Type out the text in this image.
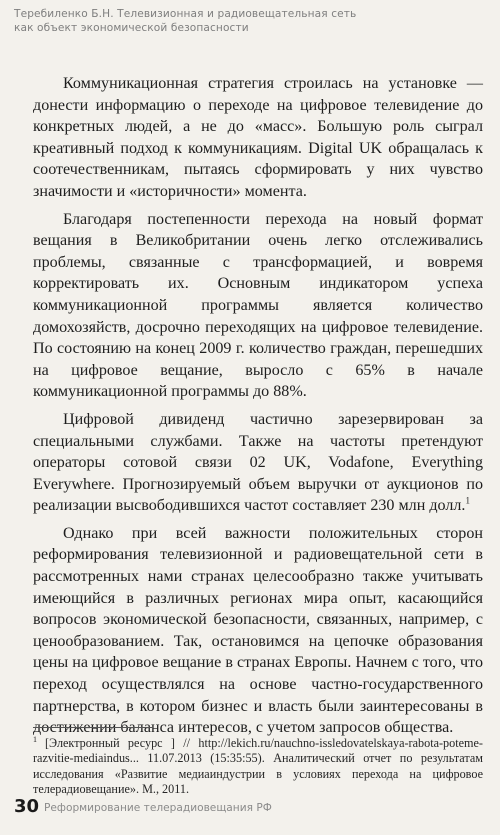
Теребиленко Б.Н. Телевизионная и радиовещательная сеть
как объект экономической безопасности

Коммуникационная стратегия строилась на установке — донести информацию о переходе на цифровое телевидение до конкретных людей, а не до «масс». Большую роль сыграл креативный подход к коммуникациям. Digital UK обращалась к соотечественникам, пытаясь сформировать у них чувство значимости и «историчности» момента.

Благодаря постепенности перехода на новый формат вещания в Великобритании очень легко отслеживались проблемы, связанные с трансформацией, и вовремя корректировать их. Основным индикатором успеха коммуникационной программы является количество домохозяйств, досрочно переходящих на цифровое телевидение. По состоянию на конец 2009 г. количество граждан, перешедших на цифровое вещание, выросло с 65% в начале коммуникационной программы до 88%.

Цифровой дивиденд частично зарезервирован за специальными службами. Также на частоты претендуют операторы сотовой связи 02 UK, Vodafone, Everything Everywhere. Прогнозируемый объем выручки от аукционов по реализации высвободившихся частот составляет 230 млн долл.$^1$

Однако при всей важности положительных сторон реформирования телевизионной и радиовещательной сети в рассмотренных нами странах целесообразно также учитывать имеющийся в различных регионах мира опыт, касающийся вопросов экономической безопасности, связанных, например, с ценообразованием. Так, остановимся на цепочке образования цены на цифровое вещание в странах Европы. Начнем с того, что переход осуществлялся на основе частно-государственного партнерства, в котором бизнес и власть были заинтересованы в достижении баланса интересов, с учетом запросов общества.

$^1$ [Электронный ресурс ] // http://lekich.ru/nauchno-issledovatelskaya-rabota-poteme-razvitie-mediaindus... 11.07.2013 (15:35:55). Аналитический отчет по результатам исследования «Развитие медиаиндустрии в условиях перехода на цифровое телерадиовещание». М., 2011.
30 Реформирование телерадиовещания РФ
